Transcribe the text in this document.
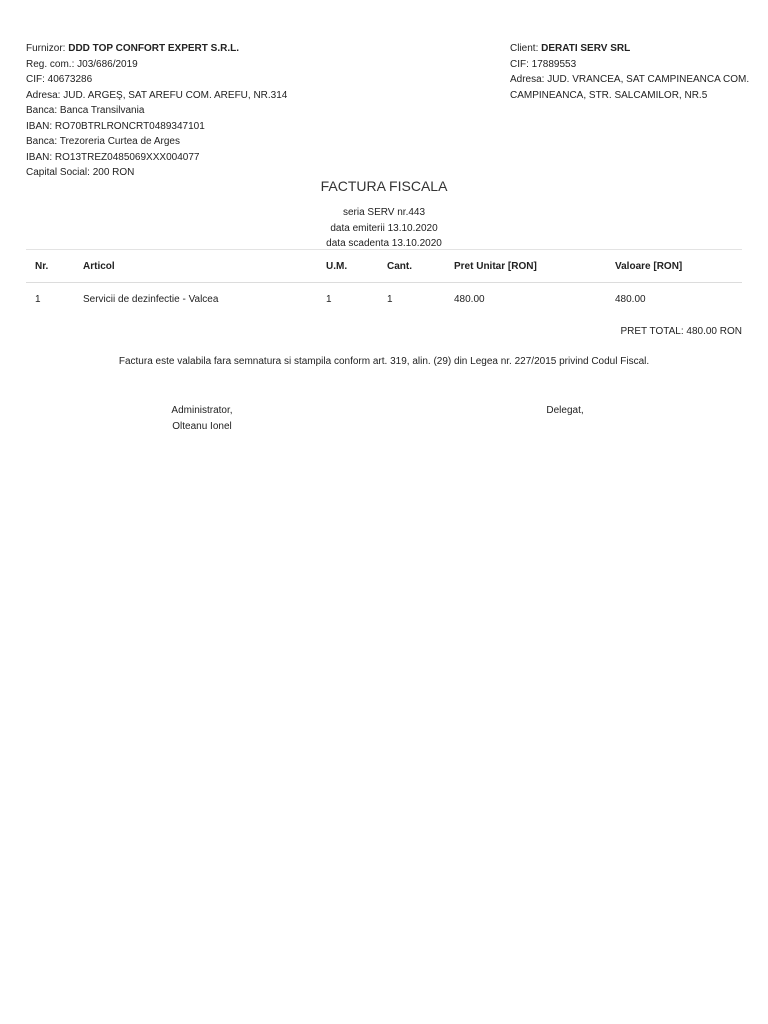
Furnizor: DDD TOP CONFORT EXPERT S.R.L.
Reg. com.: J03/686/2019
CIF: 40673286
Adresa: JUD. ARGEŞ, SAT AREFU COM. AREFU, NR.314
Banca: Banca Transilvania
IBAN: RO70BTRLRONCRT0489347101
Banca: Trezoreria Curtea de Arges
IBAN: RO13TREZ0485069XXX004077
Capital Social: 200 RON
Client: DERATI SERV SRL
CIF: 17889553
Adresa: JUD. VRANCEA, SAT CAMPINEANCA COM. CAMPINEANCA, STR. SALCAMILOR, NR.5
FACTURA FISCALA
seria SERV nr.443
data emiterii 13.10.2020
data scadenta 13.10.2020
Nr.	Articol	U.M.	Cant.	Pret Unitar [RON]	Valoare [RON]
1	Servicii de dezinfectie - Valcea	1	1	480.00	480.00
PRET TOTAL: 480.00 RON
Factura este valabila fara semnatura si stampila conform art. 319, alin. (29) din Legea nr. 227/2015 privind Codul Fiscal.
Administrator,
Olteanu Ionel
Delegat,
